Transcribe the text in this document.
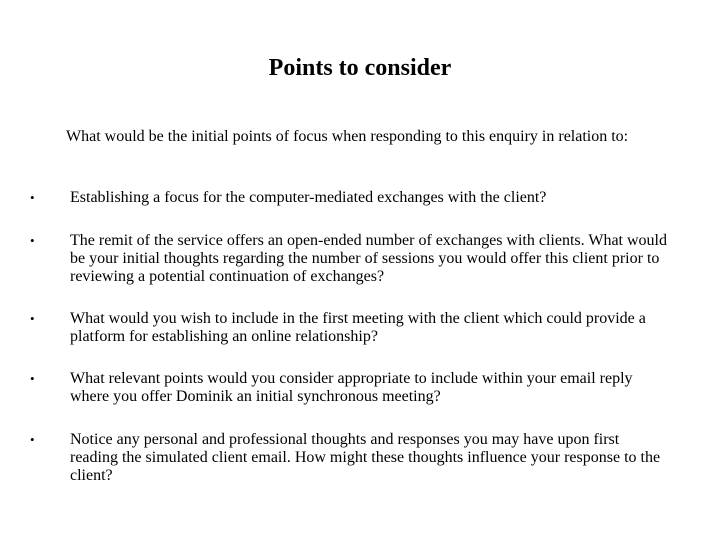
Points to consider
What would be the initial points of focus when responding to this enquiry in relation to:
•	Establishing a focus for the computer-mediated exchanges with the client?
•	The remit of the service offers an open-ended number of exchanges with clients. What would be your initial thoughts regarding the number of sessions you would offer this client prior to reviewing a potential continuation of exchanges?
•	What would you wish to include in the first meeting with the client which could provide a platform for establishing an online relationship?
•	What relevant points would you consider appropriate to include within your email reply where you offer Dominik an initial synchronous meeting?
•	Notice any personal and professional thoughts and responses you may have upon first reading the simulated client email. How might these thoughts influence your response to the client?
